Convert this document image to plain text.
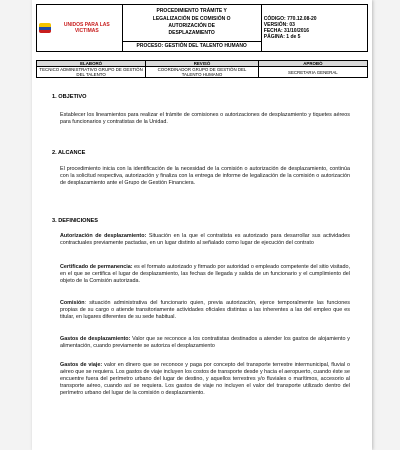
UNIDOS PARA LAS VICTIMAS

PROCEDIMIENTO TRÁMITE Y
LEGALIZACIÓN DE COMISIÓN O
AUTORIZACIÓN DE
DESPLAZAMIENTO

CÓDIGO: 770.12.08-20
VERSIÓN: 03
FECHA: 31/10/2016
PÁGINA: 1 de 5

PROCESO: GESTIÓN DEL TALENTO HUMANO
ELABORÓ	REVISÓ	APROBÓ
TECNICO ADMINISTRATIVO GRUPO DE GESTIÓN DEL TALENTO	COORDINADOR GRUPO DE GESTIÓN DEL TALENTO HUMANO	SECRETARIA GENERAL
1. OBJETIVO
Establecer los lineamientos para realizar el trámite de comisiones o autorizaciones de desplazamiento y tiquetes aéreos para funcionarios y contratistas de la Unidad.
2. ALCANCE
El procedimiento inicia con la identificación de la necesidad de la comisión o autorización de desplazamiento, continúa con la solicitud respectiva, autorización y finaliza con la entrega de informe de legalización de la comisión o autorización de desplazamiento ante el Grupo de Gestión Financiera.
3. DEFINICIONES
Autorización de desplazamiento: Situación en la que el contratista es autorizado para desarrollar sus actividades contractuales previamente pactadas, en un lugar distinto al señalado como lugar de ejecución del contrato
Certificado de permanencia: es el formato autorizado y firmado por autoridad o empleado competente del sitio visitado, en el que se certifica el lugar de desplazamiento, las fechas de llegada y salida de un funcionario y el cumplimiento del objeto de la Comisión autorizada.
Comisión: situación administrativa del funcionario quien, previa autorización, ejerce temporalmente las funciones propias de su cargo o atiende transitoriamente actividades oficiales distintas a las inherentes a las del empleo que es titular, en lugares diferentes de su sede habitual.
Gastos de desplazamiento: Valor que se reconoce a los contratistas destinados a atender los gastos de alojamiento y alimentación, cuando previamente se autoriza el desplazamiento
Gastos de viaje: valor en dinero que se reconoce y paga por concepto del transporte terrestre intermunicipal, fluvial o aéreo que se requiera. Los gastos de viaje incluyen los costos de transporte desde y hacia el aeropuerto, cuando éste se encuentre fuera del perímetro urbano del lugar de destino, y aquellos terrestres y/o fluviales o marítimos, accesorio al transporte aéreo, cuando así se requiera. Los gastos de viaje no incluyen el valor del transporte utilizado dentro del perímetro urbano del lugar de la comisión o desplazamiento.
